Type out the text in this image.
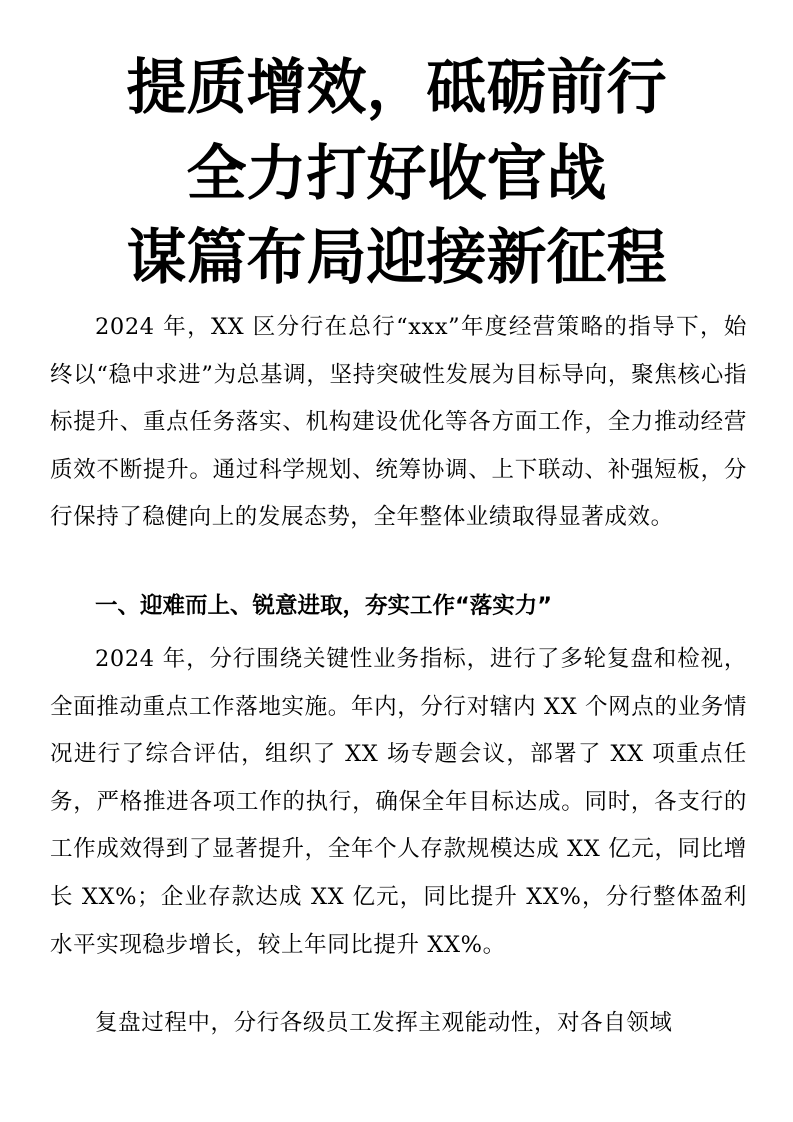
提质增效，砥砺前行
全力打好收官战
谋篇布局迎接新征程

2024 年，XX 区分行在总行“xxx”年度经营策略的指导下，始终以“稳中求进”为总基调，坚持突破性发展为目标导向，聚焦核心指标提升、重点任务落实、机构建设优化等各方面工作，全力推动经营质效不断提升。通过科学规划、统筹协调、上下联动、补强短板，分行保持了稳健向上的发展态势，全年整体业绩取得显著成效。

一、迎难而上、锐意进取，夯实工作“落实力”

2024 年，分行围绕关键性业务指标，进行了多轮复盘和检视，全面推动重点工作落地实施。年内，分行对辖内 XX 个网点的业务情况进行了综合评估，组织了 XX 场专题会议，部署了 XX 项重点任务，严格推进各项工作的执行，确保全年目标达成。同时，各支行的工作成效得到了显著提升，全年个人存款规模达成 XX 亿元，同比增长 XX%；企业存款达成 XX 亿元，同比提升 XX%，分行整体盈利水平实现稳步增长，较上年同比提升 XX%。

复盘过程中，分行各级员工发挥主观能动性，对各自领域
